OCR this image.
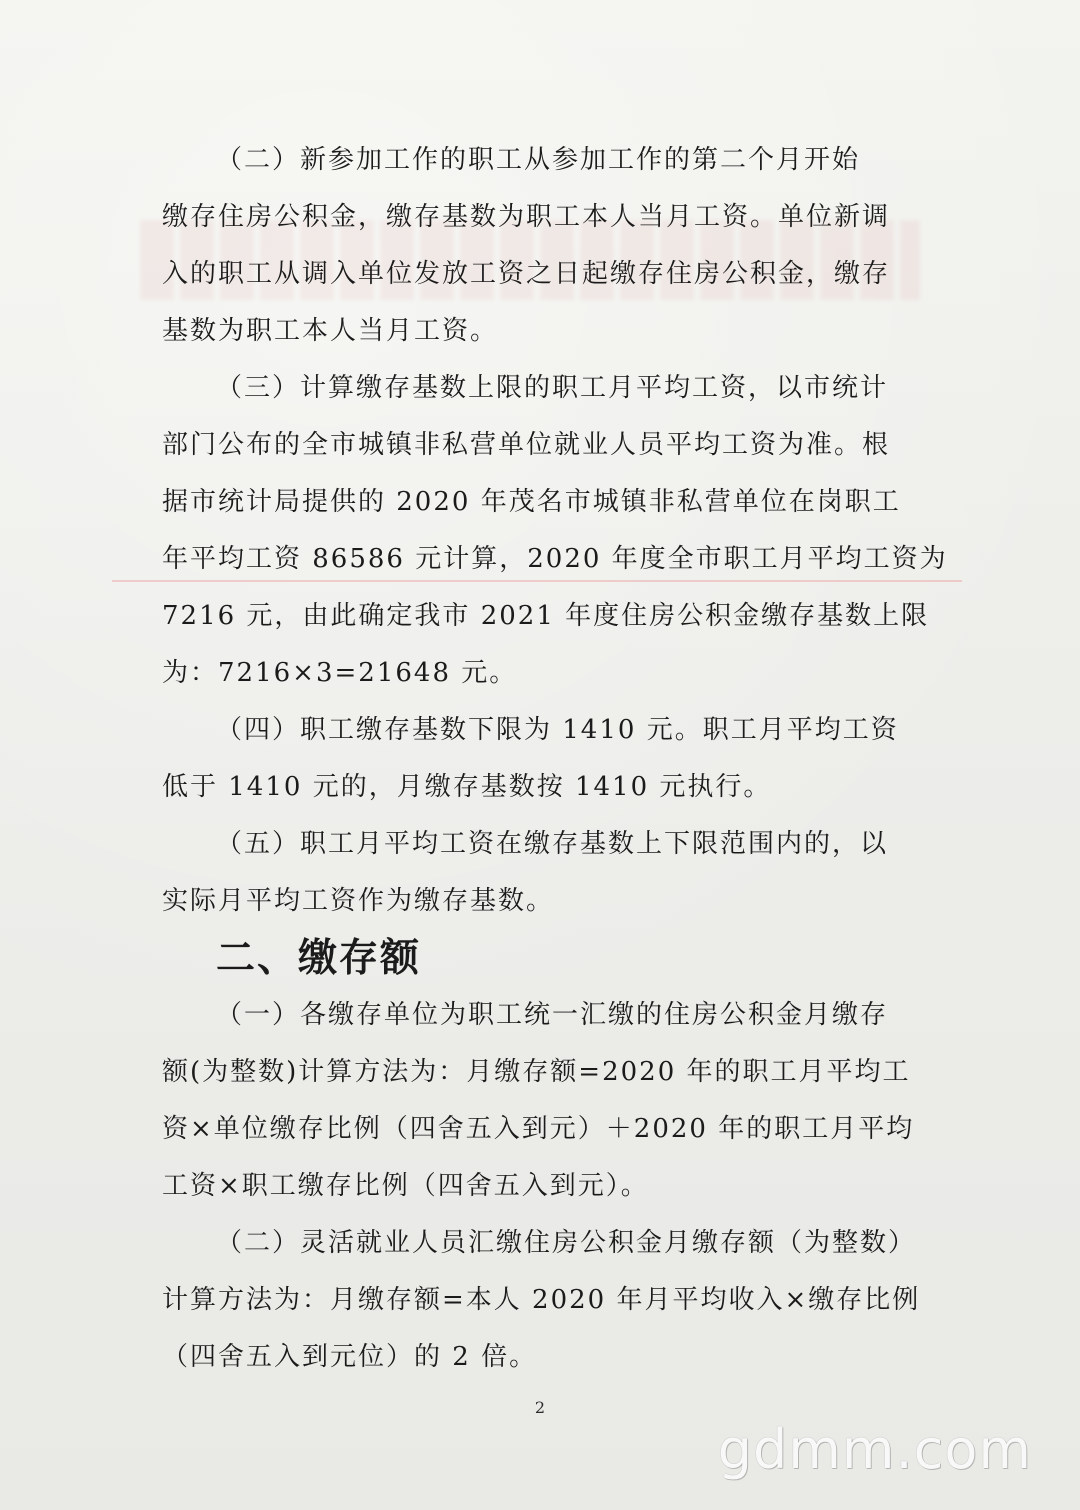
（二）新参加工作的职工从参加工作的第二个月开始
缴存住房公积金，缴存基数为职工本人当月工资。单位新调
入的职工从调入单位发放工资之日起缴存住房公积金，缴存
基数为职工本人当月工资。

（三）计算缴存基数上限的职工月平均工资，以市统计
部门公布的全市城镇非私营单位就业人员平均工资为准。根
据市统计局提供的 2020 年茂名市城镇非私营单位在岗职工
年平均工资 86586 元计算，2020 年度全市职工月平均工资为
7216 元，由此确定我市 2021 年度住房公积金缴存基数上限
为：7216×3=21648 元。

（四）职工缴存基数下限为 1410 元。职工月平均工资
低于 1410 元的，月缴存基数按 1410 元执行。

（五）职工月平均工资在缴存基数上下限范围内的，以
实际月平均工资作为缴存基数。

二、缴存额

（一）各缴存单位为职工统一汇缴的住房公积金月缴存
额(为整数)计算方法为：月缴存额=2020 年的职工月平均工
资×单位缴存比例（四舍五入到元）＋2020 年的职工月平均
工资×职工缴存比例（四舍五入到元）。

（二）灵活就业人员汇缴住房公积金月缴存额（为整数）
计算方法为：月缴存额=本人 2020 年月平均收入×缴存比例
（四舍五入到元位）的 2 倍。

2
gdmm.com
